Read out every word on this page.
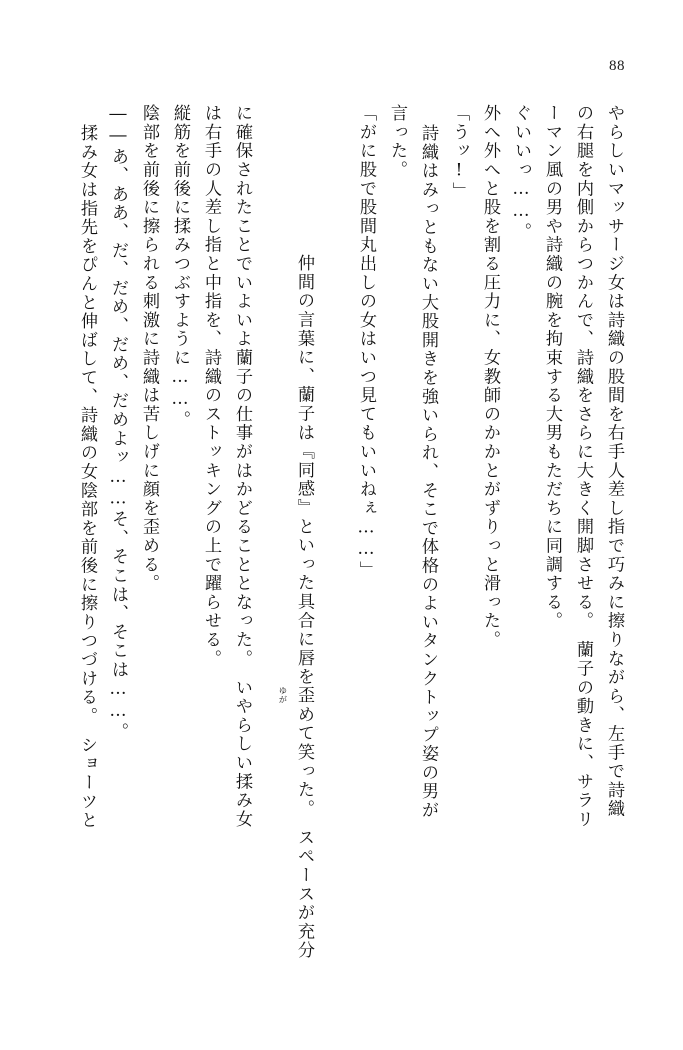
88
やらしいマッサージ女は詩織の股間を右手人差し指で巧みに擦りながら、左手で詩織
の右腿を内側からつかんで、詩織をさらに大きく開脚させる。　蘭子の動きに、サラリ
ーマン風の男や詩織の腕を拘束する大男もただちに同調する。
ぐいいっ……。
外へ外へと股を割る圧力に、女教師のかかとがずりっと滑った。
「うッ!」
詩織はみっともない大股開きを強いられ、そこで体格のよいタンクトップ姿の男が
言った。
「がに股で股間丸出しの女はいつ見てもいいねぇ……」

仲間の言葉に、蘭子は『同感』といった具合に唇を歪
ゆが
めて笑った。　スペースが充分

に確保されたことでいよいよ蘭子の仕事がはかどることとなった。　いやらしい揉み女
は右手の人差し指と中指を、詩織のストッキングの上で躍らせる。
縦筋を前後に揉みつぶすように……。
陰部を前後に擦られる刺激に詩織は苦しげに顔を歪める。
――あ、ああ、だ、だめ、だめ、だめよッ……そ、そこは、そこは……。
揉み女は指先をぴんと伸ばして、詩織の女陰部を前後に擦りつづける。　ショーツと
